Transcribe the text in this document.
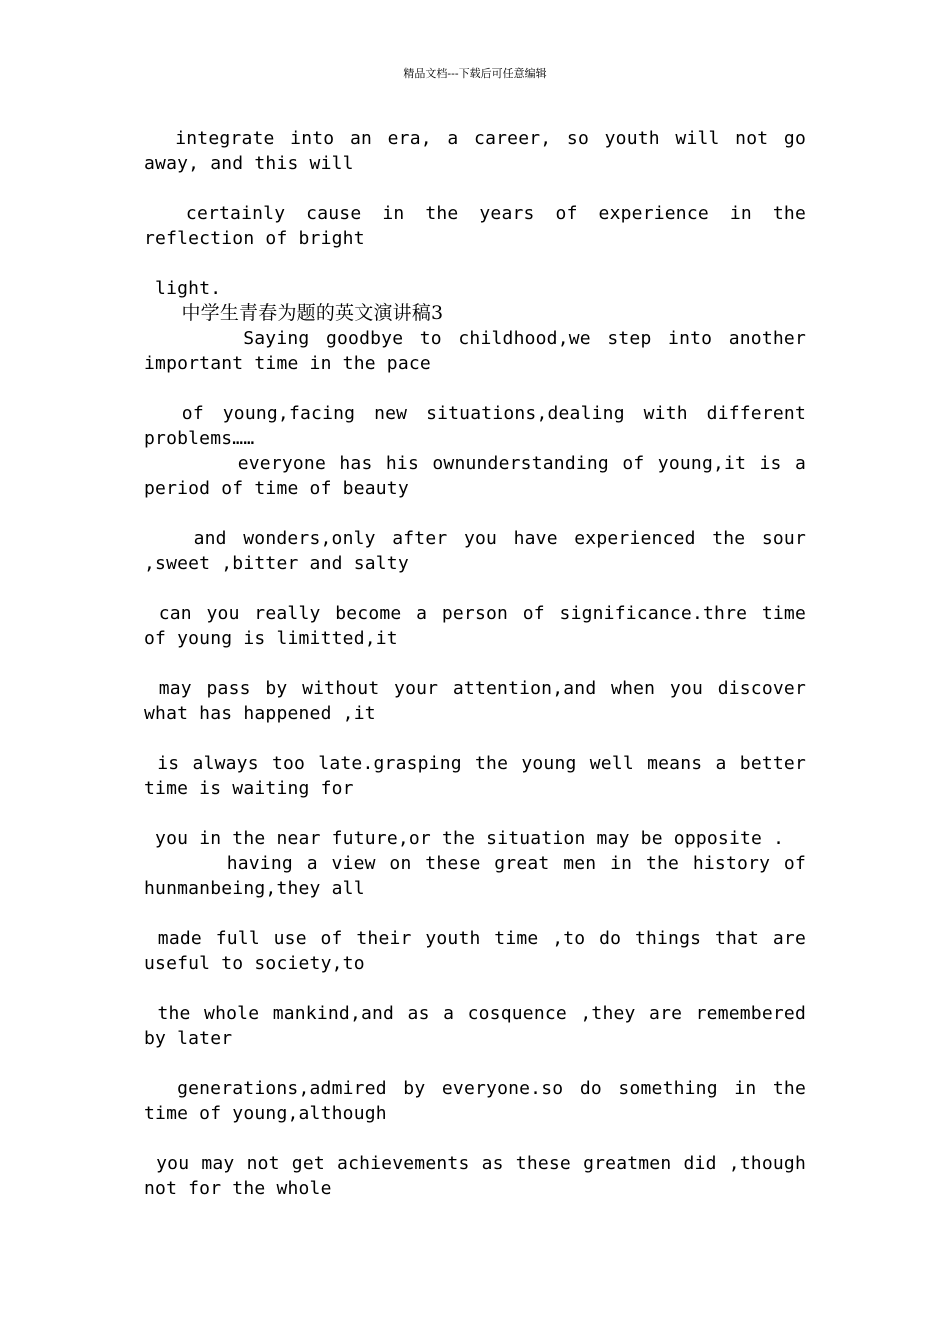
精品文档---下载后可任意编辑

integrate into an era, a career, so youth will not go away, and this will

certainly cause in the years of experience in the reflection of bright

light.

中学生青春为题的英文演讲稿3

Saying goodbye to childhood,we step into another important time in the pace

of young,facing new situations,dealing with different problems……

everyone has his ownunderstanding of young,it is a period of time of beauty

and wonders,only after you have experienced the sour ,sweet ,bitter and salty

can you really become a person of significance.thre time of young is limitted,it

may pass by without your attention,and when you discover what has happened ,it

is always too late.grasping the young well means a better time is waiting for

you in the near future,or the situation may be opposite .

having a view on these great men in the history of hunmanbeing,they all

made full use of their youth time ,to do things that are useful to society,to

the whole mankind,and as a cosquence ,they are remembered by later

generations,admired by everyone.so do something in the time of young,although

you may not get achievements as these greatmen did ,though not for the whole
